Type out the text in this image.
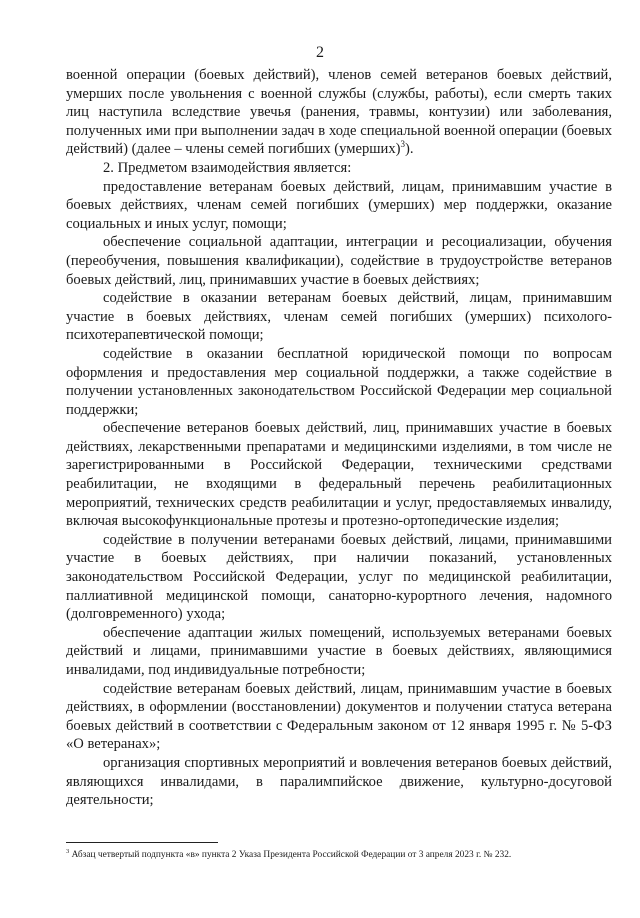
2

военной операции (боевых действий), членов семей ветеранов боевых действий, умерших после увольнения с военной службы (службы, работы), если смерть таких лиц наступила вследствие увечья (ранения, травмы, контузии) или заболевания, полученных ими при выполнении задач в ходе специальной военной операции (боевых действий) (далее – члены семей погибших (умерших)$^3$).

2. Предметом взаимодействия является:

предоставление ветеранам боевых действий, лицам, принимавшим участие в боевых действиях, членам семей погибших (умерших) мер поддержки, оказание социальных и иных услуг, помощи;

обеспечение социальной адаптации, интеграции и ресоциализации, обучения (переобучения, повышения квалификации), содействие в трудоустройстве ветеранов боевых действий, лиц, принимавших участие в боевых действиях;

содействие в оказании ветеранам боевых действий, лицам, принимавшим участие в боевых действиях, членам семей погибших (умерших) психолого-психотерапевтической помощи;

содействие в оказании бесплатной юридической помощи по вопросам оформления и предоставления мер социальной поддержки, а также содействие в получении установленных законодательством Российской Федерации мер социальной поддержки;

обеспечение ветеранов боевых действий, лиц, принимавших участие в боевых действиях, лекарственными препаратами и медицинскими изделиями, в том числе не зарегистрированными в Российской Федерации, техническими средствами реабилитации, не входящими в федеральный перечень реабилитационных мероприятий, технических средств реабилитации и услуг, предоставляемых инвалиду, включая высокофункциональные протезы и протезно-ортопедические изделия;

содействие в получении ветеранами боевых действий, лицами, принимавшими участие в боевых действиях, при наличии показаний, установленных законодательством Российской Федерации, услуг по медицинской реабилитации, паллиативной медицинской помощи, санаторно-курортного лечения, надомного (долговременного) ухода;

обеспечение адаптации жилых помещений, используемых ветеранами боевых действий и лицами, принимавшими участие в боевых действиях, являющимися инвалидами, под индивидуальные потребности;

содействие ветеранам боевых действий, лицам, принимавшим участие в боевых действиях, в оформлении (восстановлении) документов и получении статуса ветерана боевых действий в соответствии с Федеральным законом от 12 января 1995 г. № 5-ФЗ «О ветеранах»;

организация спортивных мероприятий и вовлечения ветеранов боевых действий, являющихся инвалидами, в паралимпийское движение, культурно-досуговой деятельности;

$^3$ Абзац четвертый подпункта «в» пункта 2 Указа Президента Российской Федерации от 3 апреля 2023 г. № 232.
